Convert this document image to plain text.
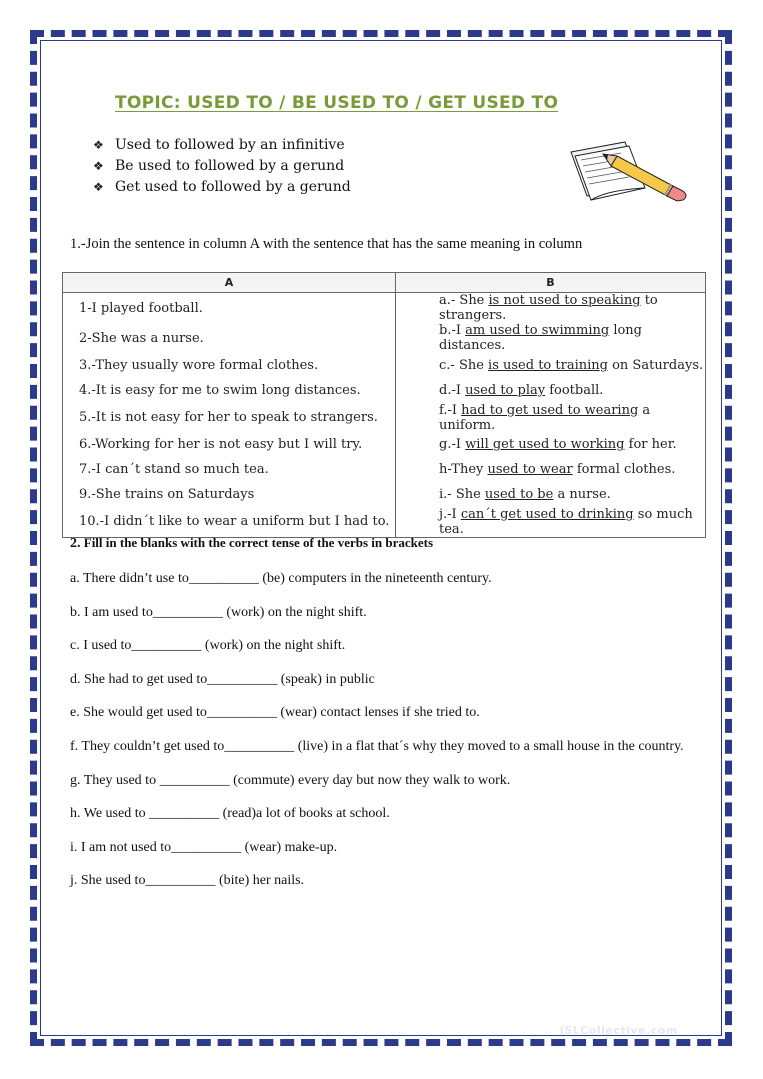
TOPIC: USED TO / BE USED TO / GET USED TO
❖ Used to followed by an infinitive
❖ Be used to followed by a gerund
❖ Get used to followed by a gerund
1.-Join the sentence in column A with the sentence that has the same meaning in column
A	B
1-I played football.	a.- She is not used to speaking to strangers.
2-She was a nurse.	b.-I am used to swimming long distances.
3.-They usually wore formal clothes.	c.- She is used to training on Saturdays.
4.-It is easy for me to swim long distances.	d.-I used to play football.
5.-It is not easy for her to speak to strangers.	f.-I had to get used to wearing a uniform.
6.-Working for her is not easy but I will try.	g.-I will get used to working for her.
7.-I can´t stand so much tea.	h-They used to wear formal clothes.
9.-She trains on Saturdays	i.- She used to be a nurse.
10.-I didn´t like to wear a uniform but I had to.	j.-I can´t get used to drinking so much tea.
2. Fill in the blanks with the correct tense of the verbs in brackets
a. There didn’t use to__________ (be) computers in the nineteenth century.
b. I am used to__________ (work) on the night shift.
c. I used to__________ (work) on the night shift.
d. She had to get used to__________ (speak) in public
e. She would get used to__________ (wear) contact lenses if she tried to.
f. They couldn’t get used to__________ (live) in a flat that´s why they moved to a small house in the country.
g. They used to __________ (commute) every day but now they walk to work.
h. We used to __________ (read)a lot of books at school.
i. I am not used to__________ (wear) make-up.
j. She used to__________ (bite) her nails.
iSLCollective.com
